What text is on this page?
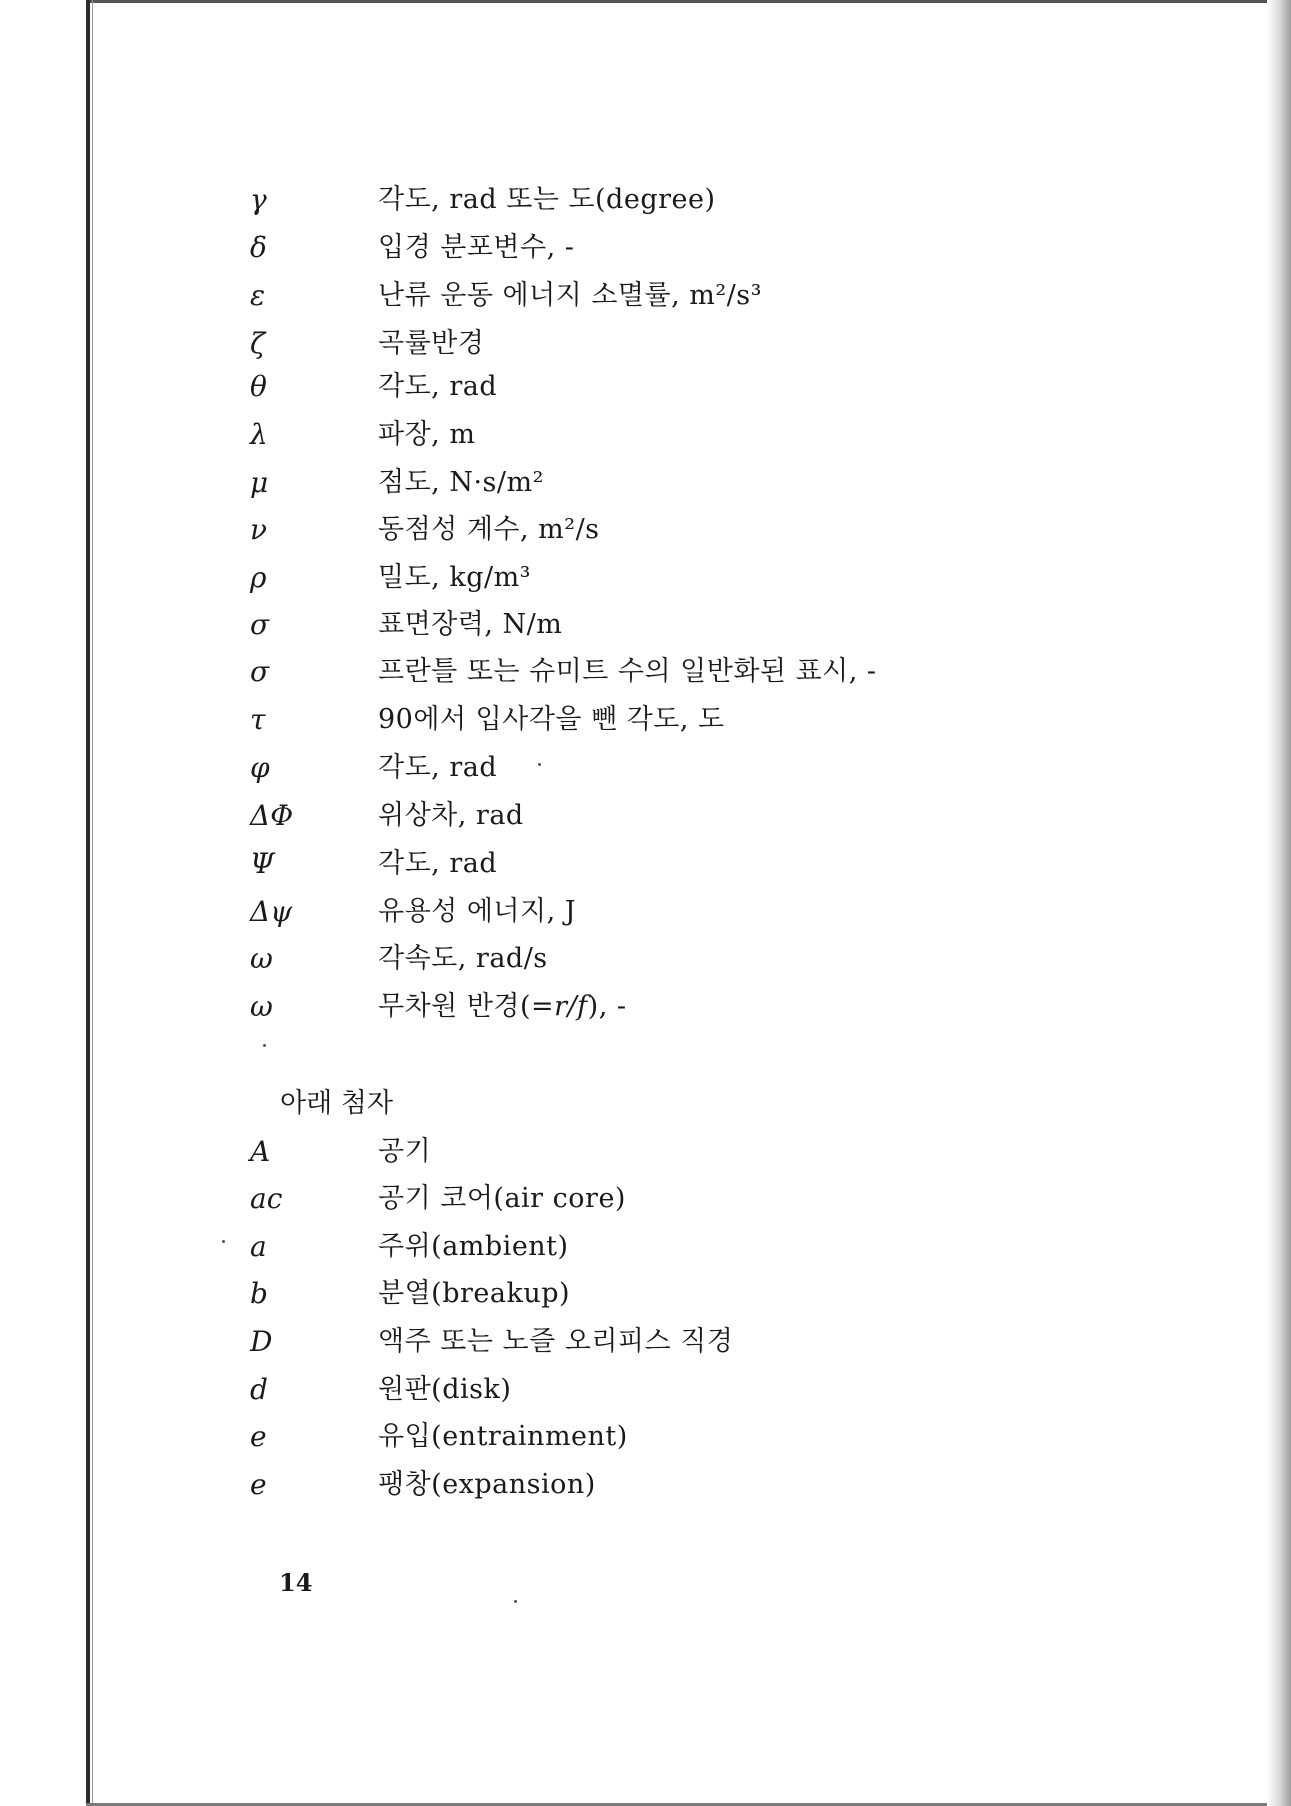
γ	각도, rad 또는 도(degree)
δ	입경 분포변수, -
ε	난류 운동 에너지 소멸률, m²/s³
ζ	곡률반경
θ	각도, rad
λ	파장, m
μ	점도, N·s/m²
ν	동점성 계수, m²/s
ρ	밀도, kg/m³
σ	표면장력, N/m
σ	프란틀 또는 슈미트 수의 일반화된 표시, -
τ	90에서 입사각을 뺀 각도, 도
φ	각도, rad
ΔΦ	위상차, rad
Ψ	각도, rad
Δψ	유용성 에너지, J
ω	각속도, rad/s
ω	무차원 반경(=r/f), -
아래 첨자
A	공기
ac	공기 코어(air core)
a	주위(ambient)
b	분열(breakup)
D	액주 또는 노즐 오리피스 직경
d	원판(disk)
e	유입(entrainment)
e	팽창(expansion)
14
